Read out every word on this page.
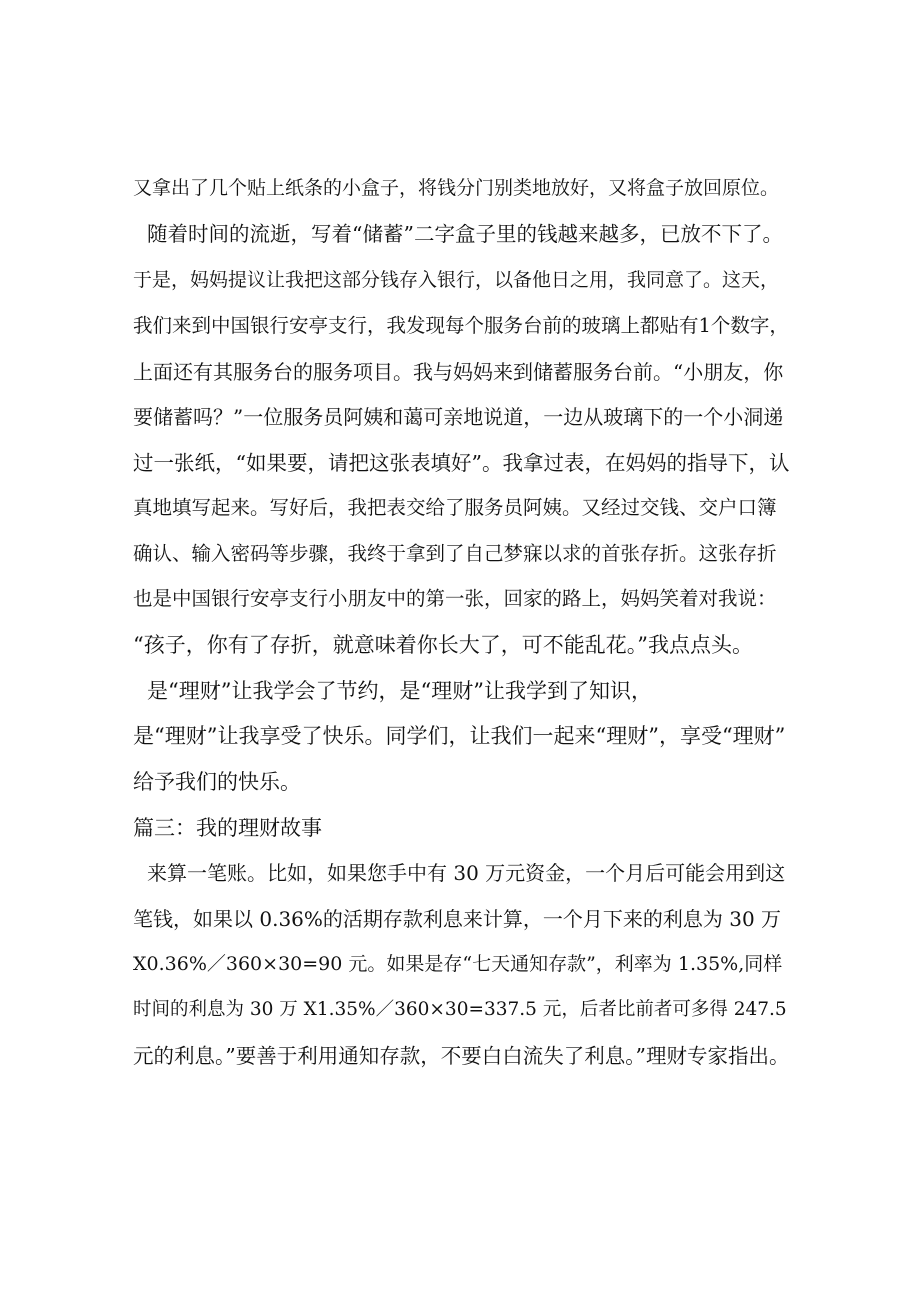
又拿出了几个贴上纸条的小盒子，将钱分门别类地放好，又将盒子放回原位。
随着时间的流逝，写着“储蓄”二字盒子里的钱越来越多，已放不下了。
于是，妈妈提议让我把这部分钱存入银行，以备他日之用，我同意了。这天，
我们来到中国银行安亭支行，我发现每个服务台前的玻璃上都贴有1个数字，
上面还有其服务台的服务项目。我与妈妈来到储蓄服务台前。“小朋友，你
要储蓄吗？”一位服务员阿姨和蔼可亲地说道，一边从玻璃下的一个小洞递
过一张纸，“如果要，请把这张表填好”。我拿过表，在妈妈的指导下，认
真地填写起来。写好后，我把表交给了服务员阿姨。又经过交钱、交户口簿
确认、输入密码等步骤，我终于拿到了自己梦寐以求的首张存折。这张存折
也是中国银行安亭支行小朋友中的第一张，回家的路上，妈妈笑着对我说：
“孩子，你有了存折，就意味着你长大了，可不能乱花。”我点点头。
是“理财”让我学会了节约，是“理财”让我学到了知识，
是“理财”让我享受了快乐。同学们，让我们一起来“理财”，享受“理财”
给予我们的快乐。
篇三：我的理财故事
来算一笔账。比如，如果您手中有 30 万元资金，一个月后可能会用到这
笔钱，如果以 0.36%的活期存款利息来计算，一个月下来的利息为 30 万
X0.36%／360×30=90 元。如果是存“七天通知存款”，利率为 1.35%,同样
时间的利息为 30 万 X1.35%／360×30=337.5 元，后者比前者可多得 247.5
元的利息。”要善于利用通知存款，不要白白流失了利息。”理财专家指出。
